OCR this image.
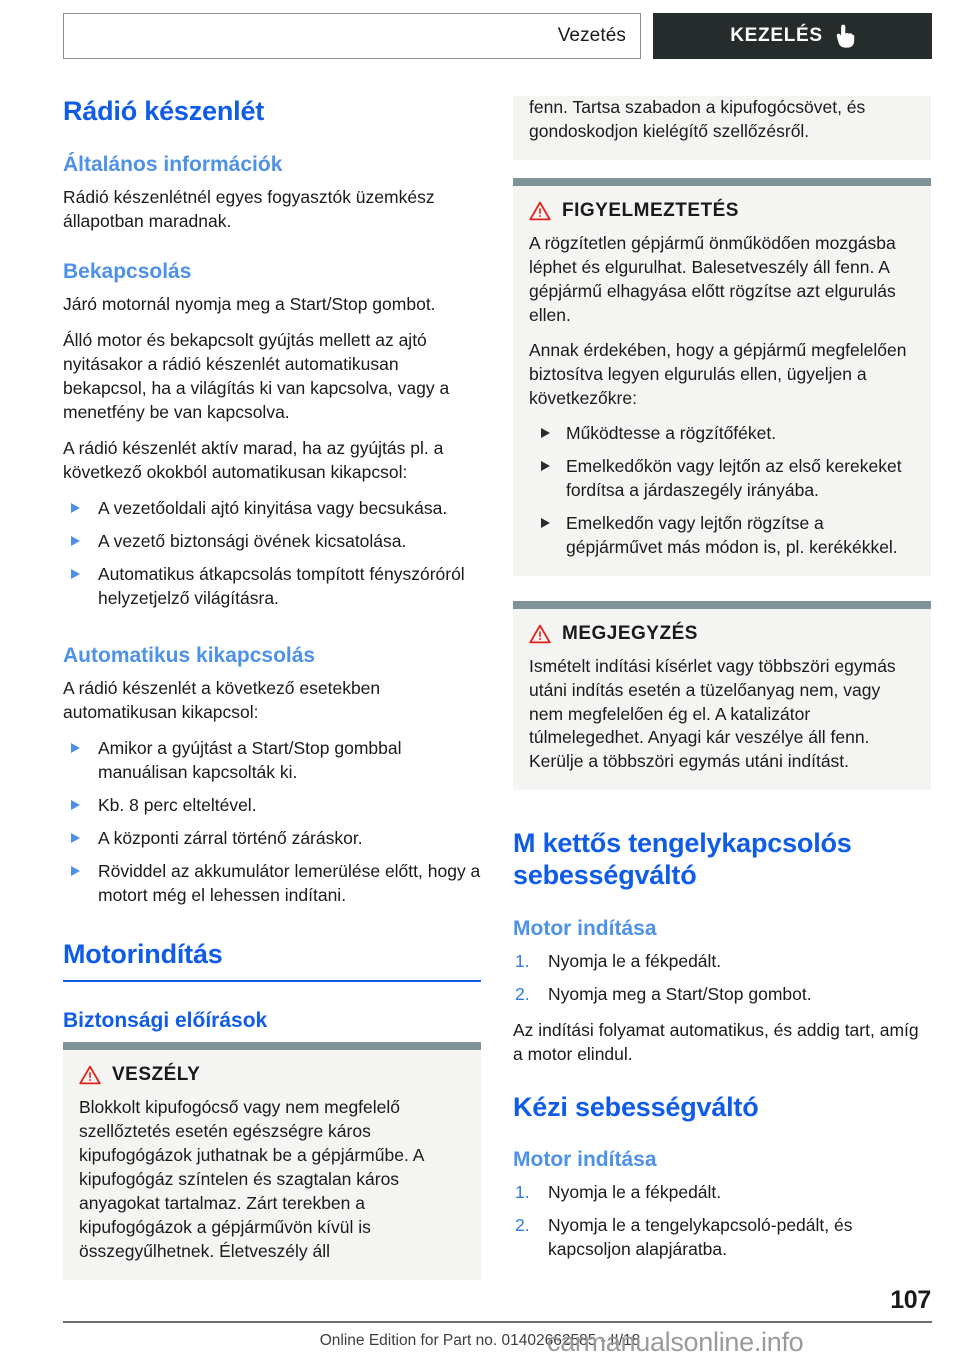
Vezetés	KEZELÉS
Rádió készenlét
Általános információk

Rádió készenlétnél egyes fogyasztók üzemkész állapotban maradnak.

Bekapcsolás

Járó motornál nyomja meg a Start/Stop gombot.

Álló motor és bekapcsolt gyújtás mellett az ajtó nyitásakor a rádió készenlét automatikusan bekapcsol, ha a világítás ki van kapcsolva, vagy a menetfény be van kapcsolva.

A rádió készenlét aktív marad, ha az gyújtás pl. a következő okokból automatikusan kikapcsol:

A vezetőoldali ajtó kinyitása vagy becsukása.
A vezető biztonsági övének kicsatolása.
Automatikus átkapcsolás tompított fényszóróról helyzetjelző világításra.
Automatikus kikapcsolás

A rádió készenlét a következő esetekben automatikusan kikapcsol:

Amikor a gyújtást a Start/Stop gombbal manuálisan kapcsolták ki.
Kb. 8 perc elteltével.
A központi zárral történő záráskor.
Röviddel az akkumulátor lemerülése előtt, hogy a motort még el lehessen indítani.
Motorindítás
Biztonsági előírások
VESZÉLY

Blokkolt kipufogócső vagy nem megfelelő szellőztetés esetén egészségre káros kipufogógázok juthatnak be a gépjárműbe. A kipufogógáz színtelen és szagtalan káros anyagokat tartalmaz. Zárt terekben a kipufogógázok a gépjárművön kívül is összegyűlhetnek. Életveszély áll

fenn. Tartsa szabadon a kipufogócsövet, és gondoskodjon kielégítő szellőzésről.

FIGYELMEZTETÉS

A rögzítetlen gépjármű önműködően mozgásba léphet és elgurulhat. Balesetveszély áll fenn. A gépjármű elhagyása előtt rögzítse azt elgurulás ellen.

Annak érdekében, hogy a gépjármű megfelelően biztosítva legyen elgurulás ellen, ügyeljen a következőkre:

Működtesse a rögzítőféket.
Emelkedőkön vagy lejtőn az első kerekeket fordítsa a járdaszegély irányába.
Emelkedőn vagy lejtőn rögzítse a gépjárművet más módon is, pl. kerékékkel.
MEGJEGYZÉS

Ismételt indítási kísérlet vagy többszöri egymás utáni indítás esetén a tüzelőanyag nem, vagy nem megfelelően ég el. A katalizátor túlmelegedhet. Anyagi kár veszélye áll fenn. Kerülje a többszöri egymás utáni indítást.

M kettős tengelykapcsolós sebességváltó
Motor indítása
1. Nyomja le a fékpedált.
2. Nyomja meg a Start/Stop gombot.

Az indítási folyamat automatikus, és addig tart, amíg a motor elindul.

Kézi sebességváltó
Motor indítása
1. Nyomja le a fékpedált.
2. Nyomja le a tengelykapcsoló-pedált, és kapcsoljon alapjáratba.
107
Online Edition for Part no. 01402662585 - II/18
carmanualsonline.info
